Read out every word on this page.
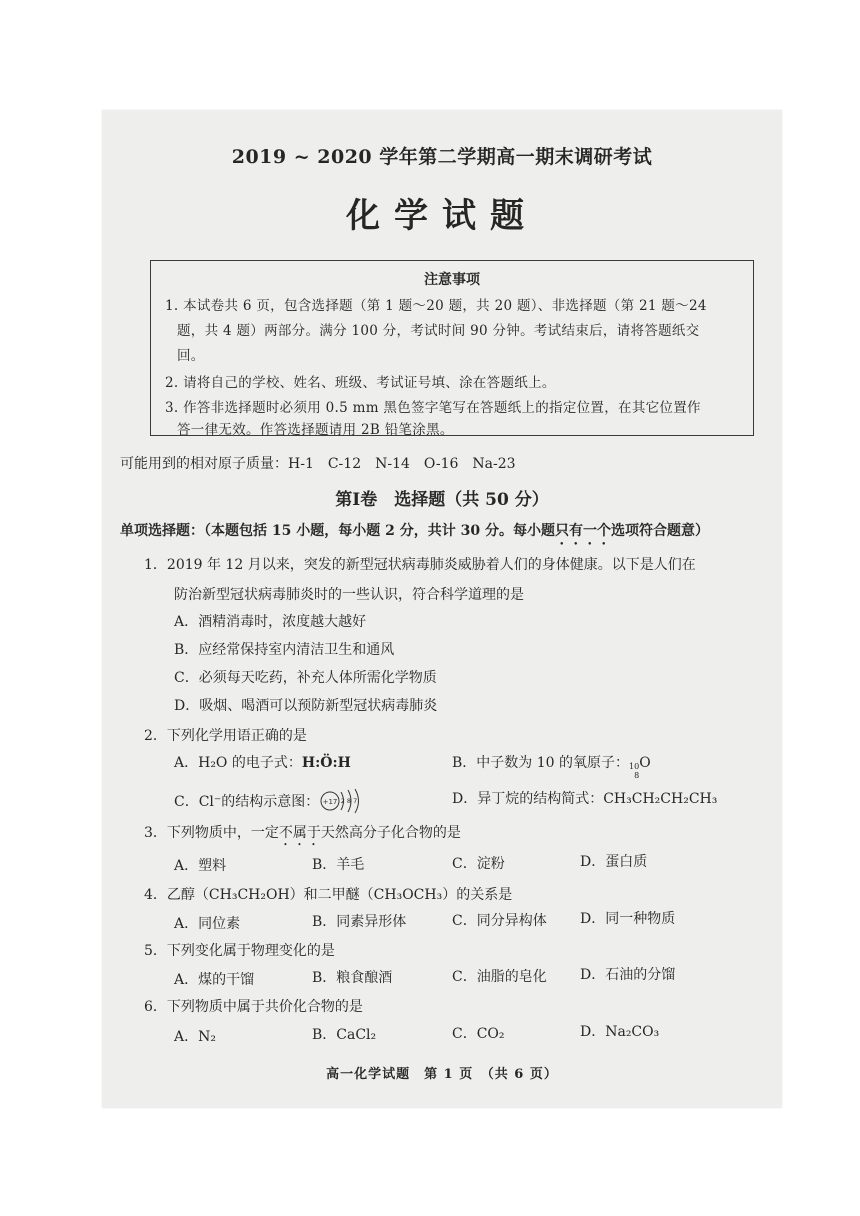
2019 ~ 2020 学年第二学期高一期末调研考试
化学试题
注意事项
1. 本试卷共 6 页，包含选择题（第 1 题～20 题，共 20 题）、非选择题（第 21 题～24
题，共 4 题）两部分。满分 100 分，考试时间 90 分钟。考试结束后，请将答题纸交
回。
2. 请将自己的学校、姓名、班级、考试证号填、涂在答题纸上。
3. 作答非选择题时必须用 0.5 mm 黑色签字笔写在答题纸上的指定位置，在其它位置作
答一律无效。作答选择题请用 2B 铅笔涂黑。
可能用到的相对原子质量：H-1　C-12　N-14　O-16　Na-23
第Ⅰ卷　选择题（共 50 分）
单项选择题：（本题包括 15 小题，每小题 2 分，共计 30 分。每小题只有一个选项符合题意）
1．2019 年 12 月以来，突发的新型冠状病毒肺炎威胁着人们的身体健康。以下是人们在
防治新型冠状病毒肺炎时的一些认识，符合科学道理的是
A．酒精消毒时，浓度越大越好
B．应经常保持室内清洁卫生和通风
C．必须每天吃药，补充人体所需化学物质
D．吸烟、喝酒可以预防新型冠状病毒肺炎
2．下列化学用语正确的是
A．H₂O 的电子式：H:Ö:H	B．中子数为 10 的氧原子： 10
8
O
C．Cl⁻的结构示意图： +17 2 8 7	D．异丁烷的结构简式：CH₃CH₂CH₂CH₃
3．下列物质中，一定不属于天然高分子化合物的是
A．塑料	B．羊毛	C．淀粉	D．蛋白质
4．乙醇（CH₃CH₂OH）和二甲醚（CH₃OCH₃）的关系是
A．同位素	B．同素异形体	C．同分异构体 D．同一种物质
5．下列变化属于物理变化的是
A．煤的干馏	B．粮食酿酒	C．油脂的皂化 D．石油的分馏
6．下列物质中属于共价化合物的是
A．N₂	B．CaCl₂	C．CO₂	D．Na₂CO₃
高一化学试题　第 1 页　（共 6 页）
